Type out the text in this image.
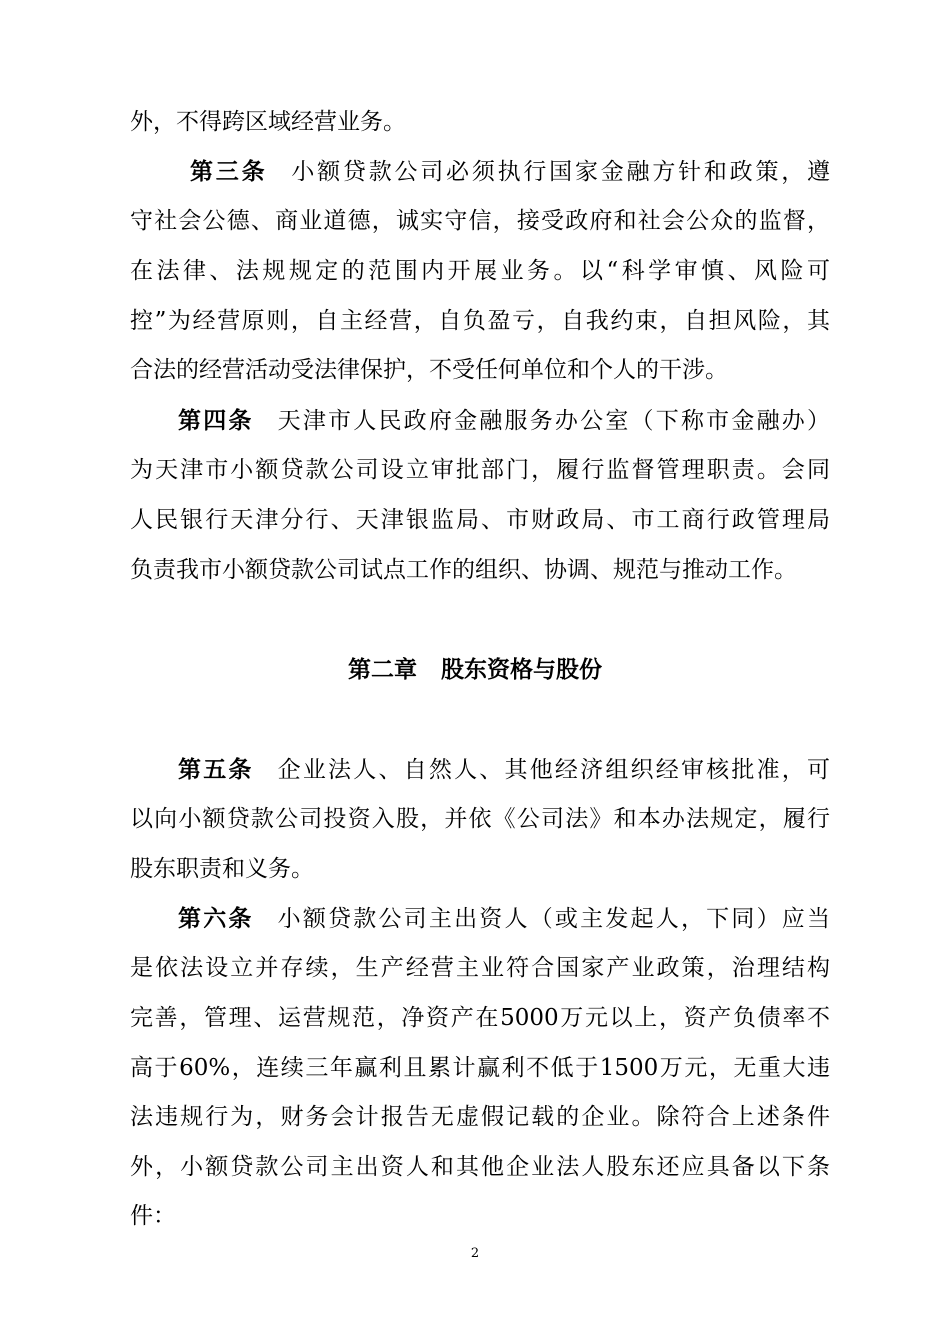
外，不得跨区域经营业务。
第三条 小额贷款公司必须执行国家金融方针和政策，遵
守社会公德、商业道德，诚实守信，接受政府和社会公众的监督，
在法律、法规规定的范围内开展业务。以“科学审慎、风险可
控”为经营原则，自主经营，自负盈亏，自我约束，自担风险，其
合法的经营活动受法律保护，不受任何单位和个人的干涉。
第四条 天津市人民政府金融服务办公室（下称市金融办）
为天津市小额贷款公司设立审批部门，履行监督管理职责。会同
人民银行天津分行、天津银监局、市财政局、市工商行政管理局
负责我市小额贷款公司试点工作的组织、协调、规范与推动工作。
第二章 股东资格与股份
第五条 企业法人、自然人、其他经济组织经审核批准，可
以向小额贷款公司投资入股，并依《公司法》和本办法规定，履行
股东职责和义务。
第六条 小额贷款公司主出资人（或主发起人，下同）应当
是依法设立并存续，生产经营主业符合国家产业政策，治理结构
完善，管理、运营规范，净资产在5000万元以上，资产负债率不
高于60%，连续三年赢利且累计赢利不低于1500万元，无重大违
法违规行为，财务会计报告无虚假记载的企业。除符合上述条件
外，小额贷款公司主出资人和其他企业法人股东还应具备以下条
件：
2
